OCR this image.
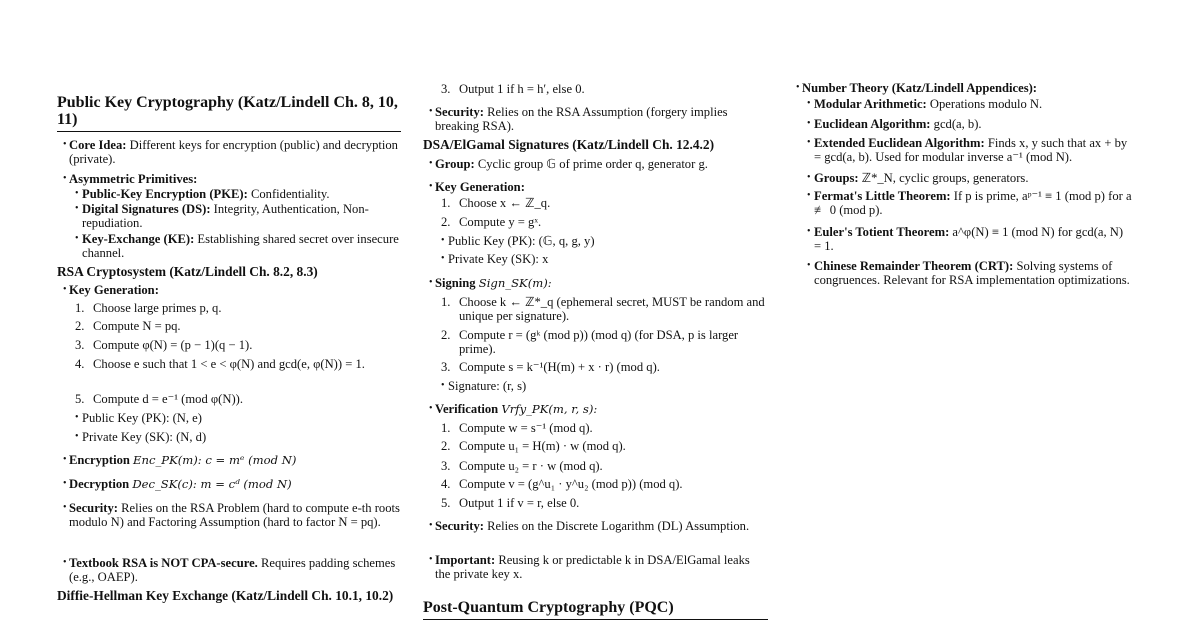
Public Key Cryptography (Katz/Lindell Ch. 8, 10, 11)
• Core Idea: Different keys for encryption (public) and decryption (private).
• Asymmetric Primitives:
• Public-Key Encryption (PKE): Confidentiality.
• Digital Signatures (DS): Integrity, Authentication, Non-repudiation.
• Key-Exchange (KE): Establishing shared secret over insecure channel.
RSA Cryptosystem (Katz/Lindell Ch. 8.2, 8.3)
• Key Generation:
1. Choose large primes p, q.
2. Compute N = pq.
3. Compute φ(N) = (p − 1)(q − 1).
4. Choose e such that 1 < e < φ(N) and gcd(e, φ(N)) = 1.
5. Compute d = e⁻¹ (mod φ(N)).
• Public Key (PK): (N, e)
• Private Key (SK): (N, d)
• Encryption Enc_PK(m): c = mᵉ (mod N)
• Decryption Dec_SK(c): m = cᵈ (mod N)
• Security: Relies on the RSA Problem (hard to compute e-th roots modulo N) and Factoring Assumption (hard to factor N = pq).
• Textbook RSA is NOT CPA-secure. Requires padding schemes (e.g., OAEP).
Diffie-Hellman Key Exchange (Katz/Lindell Ch. 10.1, 10.2)
3. Output 1 if h = h′, else 0.
• Security: Relies on the RSA Assumption (forgery implies breaking RSA).
DSA/ElGamal Signatures (Katz/Lindell Ch. 12.4.2)
• Group: Cyclic group 𝔾 of prime order q, generator g.
• Key Generation:
1. Choose x ← ℤ_q.
2. Compute y = gˣ.
• Public Key (PK): (𝔾, q, g, y)
• Private Key (SK): x
• Signing Sign_SK(m):
1. Choose k ← ℤ*_q (ephemeral secret, MUST be random and unique per signature).
2. Compute r = (gᵏ (mod p)) (mod q) (for DSA, p is larger prime).
3. Compute s = k⁻¹(H(m) + x · r) (mod q).
• Signature: (r, s)
• Verification Vrfy_PK(m, r, s):
1. Compute w = s⁻¹ (mod q).
2. Compute u₁ = H(m) · w (mod q).
3. Compute u₂ = r · w (mod q).
4. Compute v = (g^u₁ · y^u₂ (mod p)) (mod q).
5. Output 1 if v = r, else 0.
• Security: Relies on the Discrete Logarithm (DL) Assumption.
• Important: Reusing k or predictable k in DSA/ElGamal leaks the private key x.
Post-Quantum Cryptography (PQC)
• Number Theory (Katz/Lindell Appendices):
• Modular Arithmetic: Operations modulo N.
• Euclidean Algorithm: gcd(a, b).
• Extended Euclidean Algorithm: Finds x, y such that ax + by = gcd(a, b). Used for modular inverse a⁻¹ (mod N).
• Groups: ℤ*_N, cyclic groups, generators.
• Fermat's Little Theorem: If p is prime, aᵖ⁻¹ ≡ 1 (mod p) for a ≢ 0 (mod p).
• Euler's Totient Theorem: a^φ(N) ≡ 1 (mod N) for gcd(a, N) = 1.
• Chinese Remainder Theorem (CRT): Solving systems of congruences. Relevant for RSA implementation optimizations.
